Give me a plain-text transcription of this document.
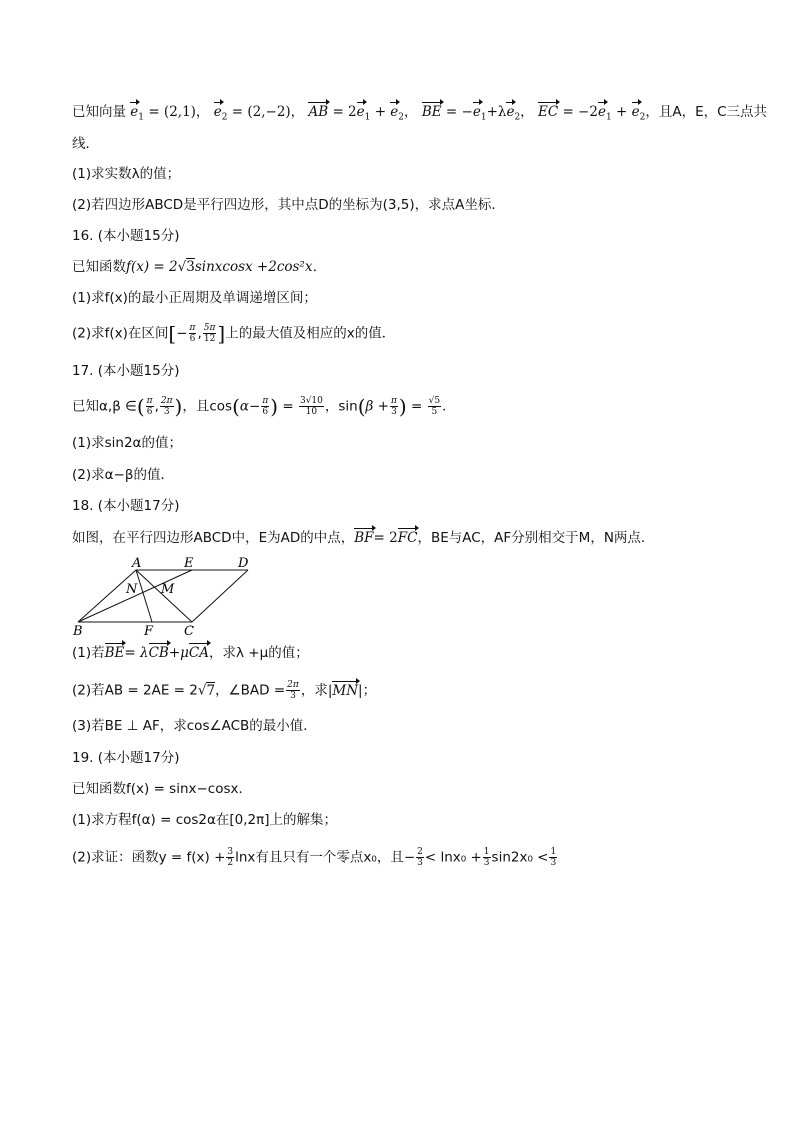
已知向量 $e_1 = (2,1)$， $e_2 = (2,-2)$， AB = $2e_1 + e_2$， BE = $-e_1+\lambda e_2$， EC = $-2e_1 + e_2$，且A，E，C三点共
线．
(1)求实数λ的值；
(2)若四边形ABCD是平行四边形，其中点D的坐标为(3,5)，求点A坐标．
16. (本小题15分)
已知函数f(x) = 2√3sinxcosx +2cos²x．
(1)求f(x)的最小正周期及单调递增区间；
(2)求f(x)在区间[− $\frac{\pi}{6}$ , $\frac{5\pi}{12}$ ]上的最大值及相应的x的值．
17. (本小题15分)
已知α,β ∈( $\frac{\pi}{6}$ , $\frac{2\pi}{3}$ )，且$\cos(\alpha- \frac{\pi}{6}$ ) = $\frac{3√10}{10}$ ，$\sin(\beta + \frac{\pi}{3}$ ) = $\frac{√5}{5}$ ．
(1)求sin2α的值；
(2)求α−β的值．
18. (本小题17分)
如图，在平行四边形ABCD中，E为AD的中点，BF= 2FC，BE与AC，AF分别相交于M，N两点．
A	E	D
N M
B	F C
(1)若BE= λCB+μCA，求λ +μ的值；
(2)若AB = 2AE = 2√7，∠BAD = $\frac{2\pi}{3}$ ，求|MN|；
(3)若BE ⊥ AF，求cos∠ACB的最小值．
19. (本小题17分)
已知函数f(x) = sinx−cosx．
(1)求方程f(α) = cos2α在[0,2π]上的解集；
(2)求证：函数$y = f(x) + \frac{3}{2}$ lnx有且只有一个零点x₀，且− $\frac{2}{3} < \ln x_0 + \frac{1}{3} \sin 2x_0 < \frac{1}{3}$
